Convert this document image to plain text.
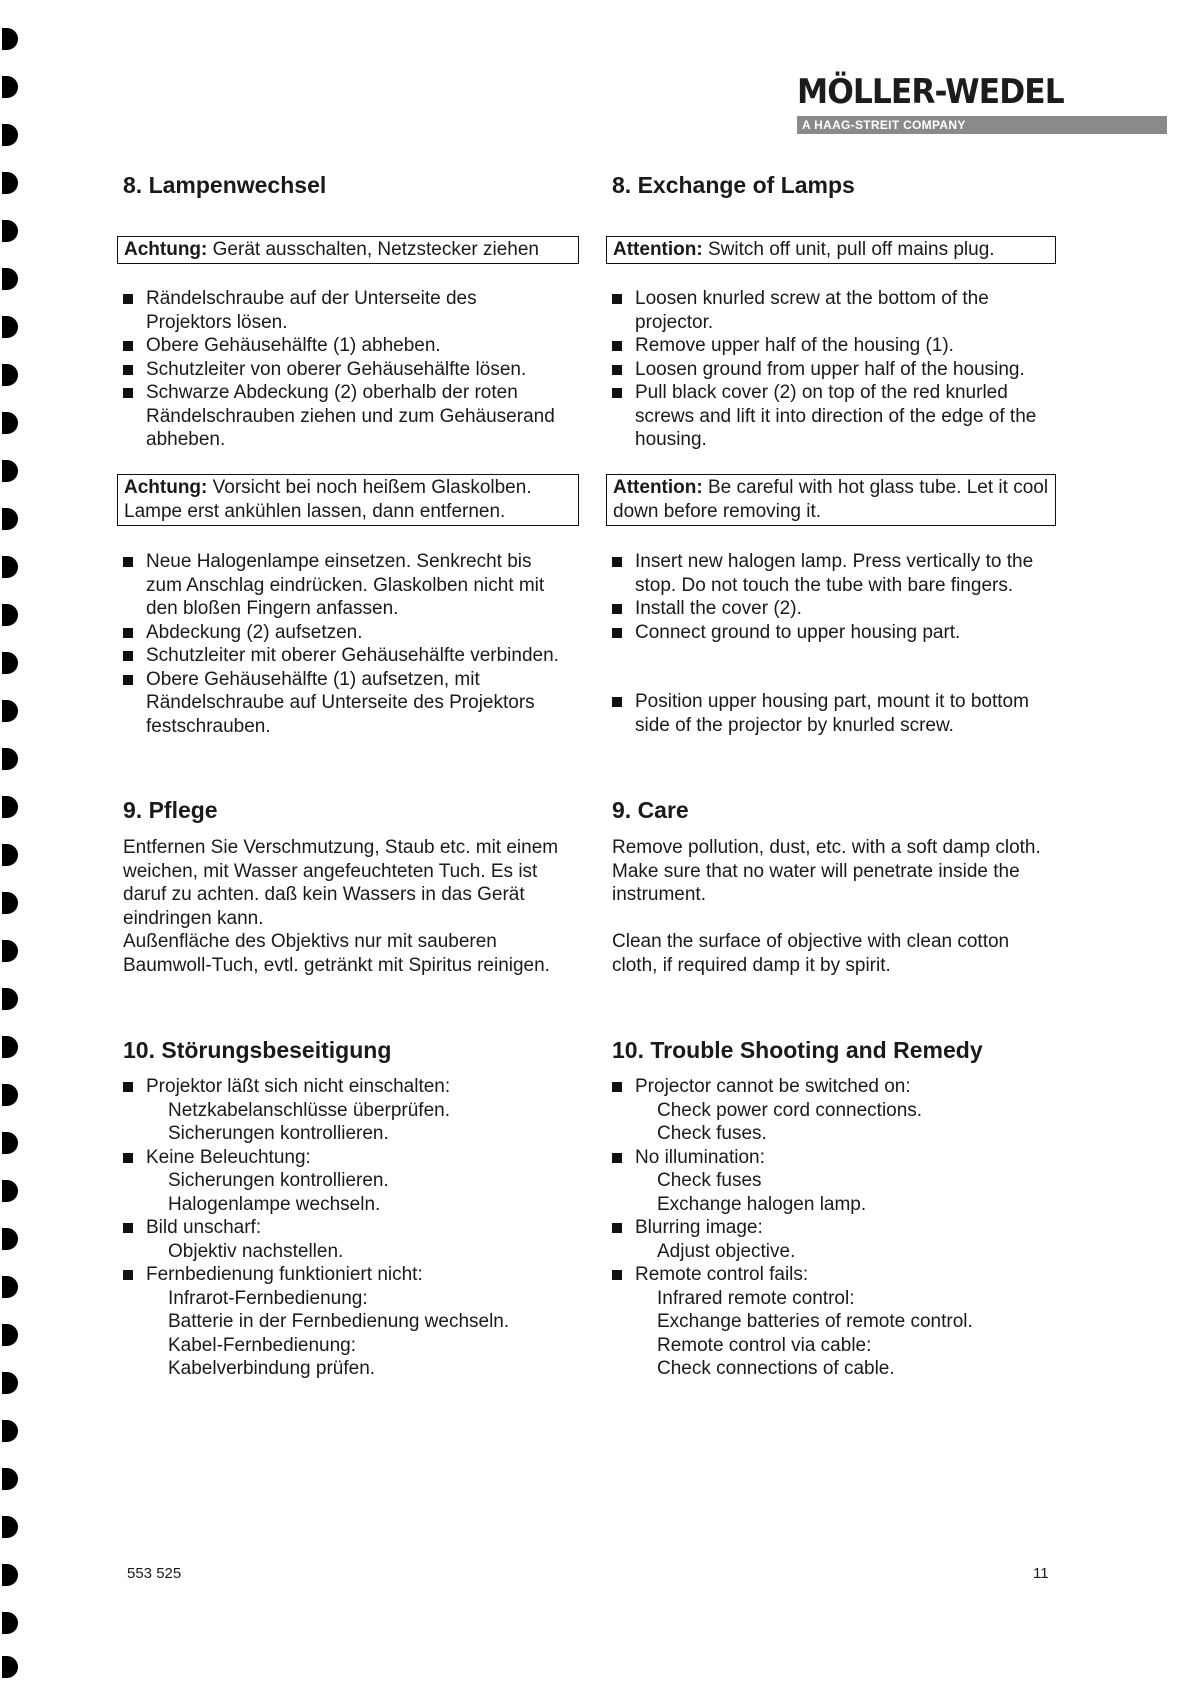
MÖLLER-WEDEL
A HAAG-STREIT COMPANY
8. Lampenwechsel
Achtung: Gerät ausschalten, Netzstecker ziehen
Rändelschraube auf der Unterseite des Projektors lösen.
Obere Gehäusehälfte (1) abheben.
Schutzleiter von oberer Gehäusehälfte lösen.
Schwarze Abdeckung (2) oberhalb der roten Rändelschrauben ziehen und zum Gehäuserand abheben.
Achtung: Vorsicht bei noch heißem Glaskolben. Lampe erst ankühlen lassen, dann entfernen.
Neue Halogenlampe einsetzen. Senkrecht bis zum Anschlag eindrücken. Glaskolben nicht mit den bloßen Fingern anfassen.
Abdeckung (2) aufsetzen.
Schutzleiter mit oberer Gehäusehälfte verbinden.
Obere Gehäusehälfte (1) aufsetzen, mit Rändelschraube auf Unterseite des Projektors festschrauben.
9. Pflege
Entfernen Sie Verschmutzung, Staub etc. mit einem weichen, mit Wasser angefeuchteten Tuch. Es ist daruf zu achten. daß kein Wassers in das Gerät eindringen kann.
Außenfläche des Objektivs nur mit sauberen Baumwoll-Tuch, evtl. getränkt mit Spiritus reinigen.
10. Störungsbeseitigung
Projektor läßt sich nicht einschalten:
Netzkabelanschlüsse überprüfen.
Sicherungen kontrollieren.
Keine Beleuchtung:
Sicherungen kontrollieren.
Halogenlampe wechseln.
Bild unscharf:
Objektiv nachstellen.
Fernbedienung funktioniert nicht:
Infrarot-Fernbedienung:
Batterie in der Fernbedienung wechseln.
Kabel-Fernbedienung:
Kabelverbindung prüfen.
8. Exchange of Lamps
Attention: Switch off unit, pull off mains plug.
Loosen knurled screw at the bottom of the projector.
Remove upper half of the housing (1).
Loosen ground from upper half of the housing.
Pull black cover (2) on top of the red knurled screws and lift it into direction of the edge of the housing.
Attention: Be careful with hot glass tube. Let it cool down before removing it.
Insert new halogen lamp. Press vertically to the stop. Do not touch the tube with bare fingers.
Install the cover (2).
Connect ground to upper housing part.
Position upper housing part, mount it to bottom side of the projector by knurled screw.
9. Care
Remove pollution, dust, etc. with a soft damp cloth. Make sure that no water will penetrate inside the instrument.
Clean the surface of objective with clean cotton cloth, if required damp it by spirit.
10. Trouble Shooting and Remedy
Projector cannot be switched on:
Check power cord connections.
Check fuses.
No illumination:
Check fuses
Exchange halogen lamp.
Blurring image:
Adjust objective.
Remote control fails:
Infrared remote control:
Exchange batteries of remote control.
Remote control via cable:
Check connections of cable.
553 525	11
